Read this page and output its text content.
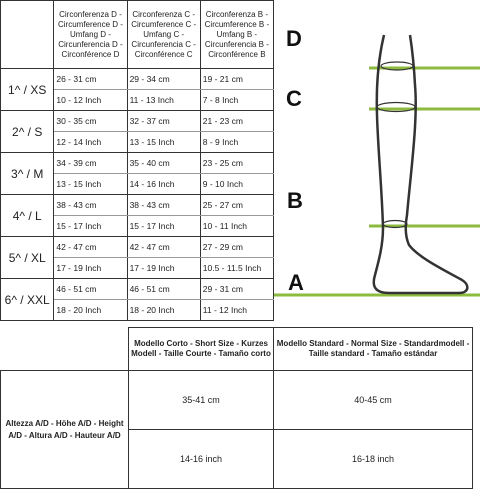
	Circonferenza D - Circumference D - Umfang D - Circunferencia D - Circonférence D	Circonferenza C - Circumference C - Umfang C - Circunferencia C - Circonférence C	Circonferenza B - Circumference B - Umfang B - Circunferencia B - Circonférence B
1^ / XS	26 - 31 cm	29 - 34 cm	19 - 21 cm
	10 - 12 Inch	11 - 13 Inch	7 - 8 Inch
2^ / S	30 - 35 cm	32 - 37 cm	21 - 23 cm
	12 - 14 Inch	13 - 15 Inch	8 - 9 Inch
3^ / M	34 - 39 cm	35 - 40 cm	23 - 25 cm
	13 - 15 Inch	14 - 16 Inch	9 - 10 Inch
4^ / L	38 - 43 cm	38 - 43 cm	25 - 27 cm
	15 - 17 Inch	15 - 17 Inch	10 - 11 Inch
5^ / XL	42 - 47 cm	42 - 47 cm	27 - 29 cm
	17 - 19 Inch	17 - 19 Inch	10.5 - 11.5 Inch
6^ / XXL	46 - 51 cm	46 - 51 cm	29 - 31 cm
	18 - 20 Inch	18 - 20 Inch	11 - 12 Inch
D
C
B
A
	Modello Corto - Short Size - Kurzes Modell - Taille Courte - Tamaño corto	Modello Standard - Normal Size - Standardmodell - Taille standard - Tamaño estándar
Altezza A/D - Höhe A/D - Height A/D - Altura A/D - Hauteur A/D	35-41 cm	40-45 cm
	14-16 inch	16-18 inch
